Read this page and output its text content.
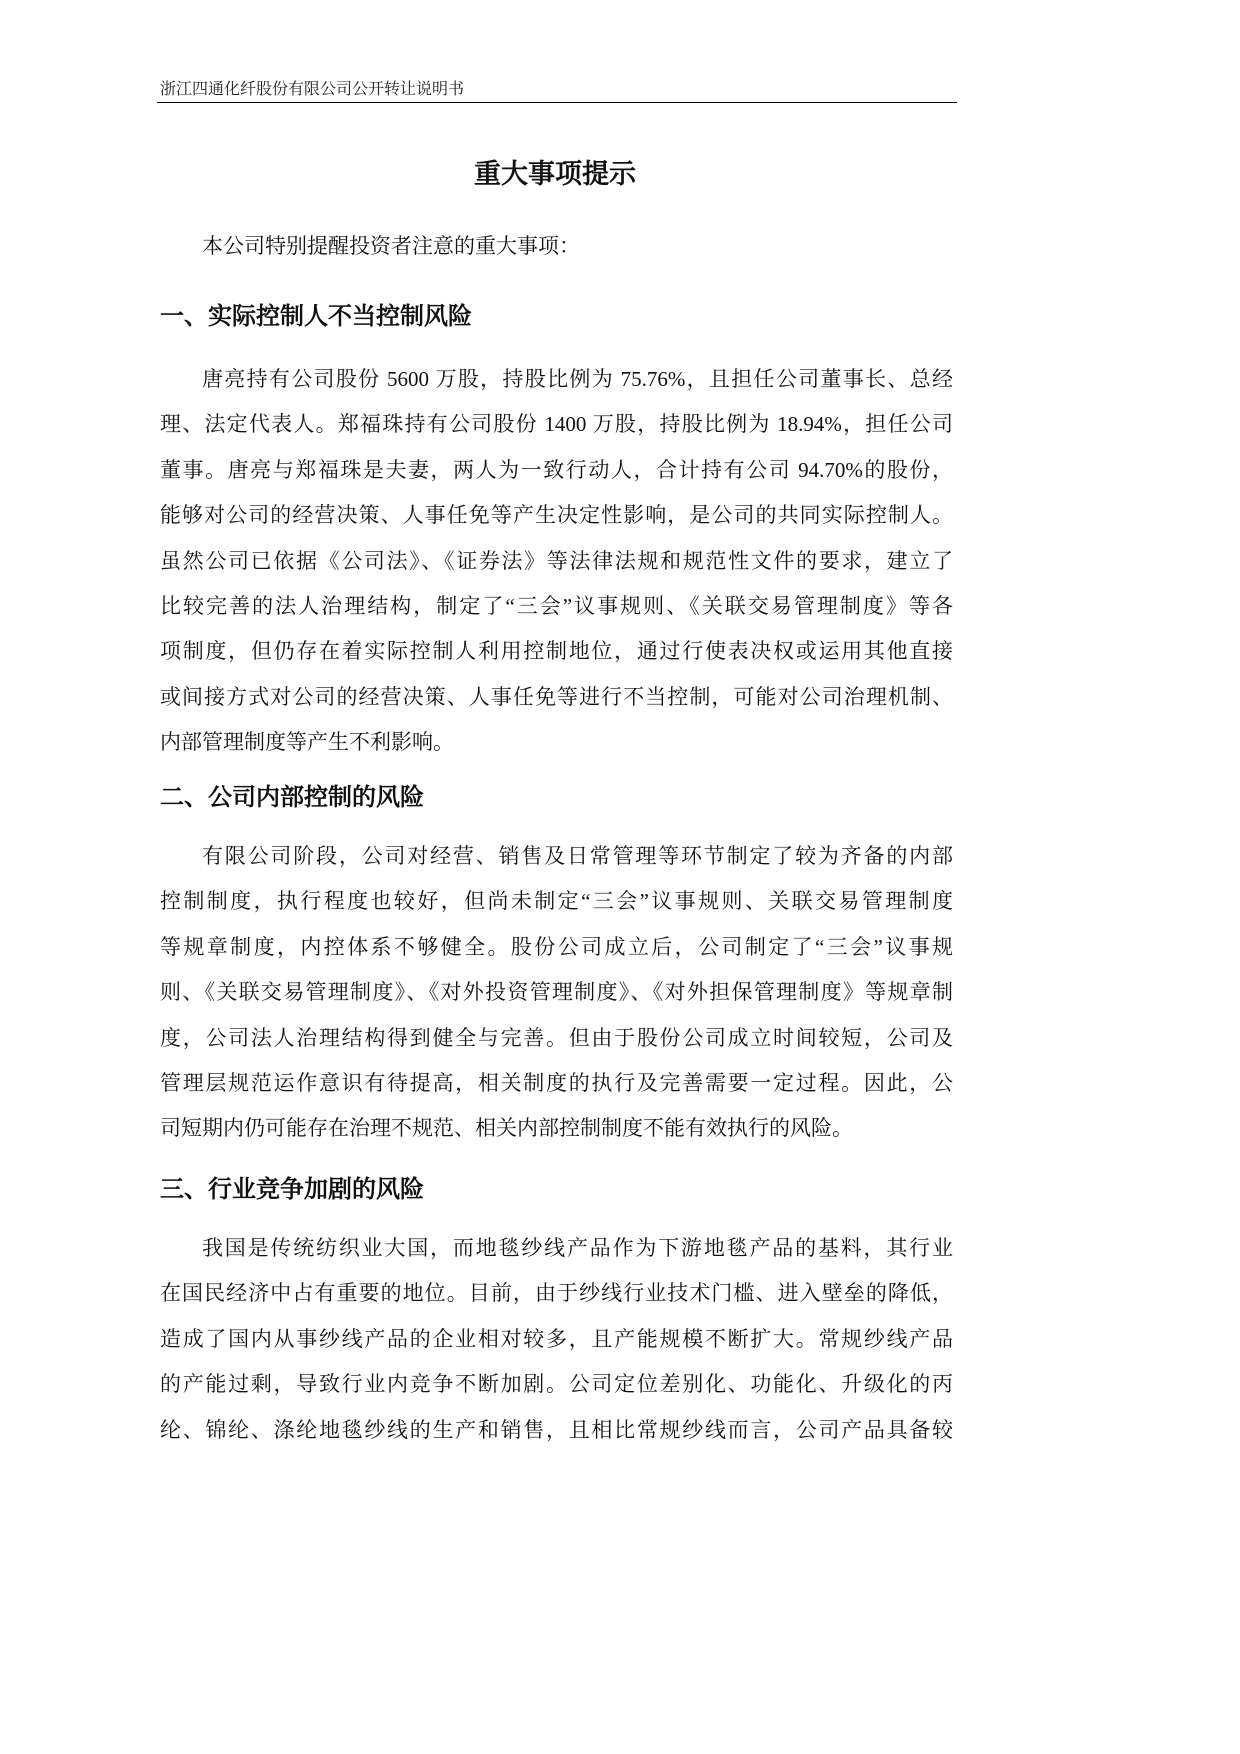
浙江四通化纤股份有限公司公开转让说明书
重大事项提示
本公司特别提醒投资者注意的重大事项：
一、实际控制人不当控制风险
唐亮持有公司股份 5600 万股，持股比例为 75.76%，且担任公司董事长、总经
理、法定代表人。郑福珠持有公司股份 1400 万股，持股比例为 18.94%，担任公司
董事。唐亮与郑福珠是夫妻，两人为一致行动人，合计持有公司 94.70%的股份，
能够对公司的经营决策、人事任免等产生决定性影响，是公司的共同实际控制人。
虽然公司已依据《公司法》、《证券法》等法律法规和规范性文件的要求，建立了
比较完善的法人治理结构，制定了“三会”议事规则、《关联交易管理制度》等各
项制度，但仍存在着实际控制人利用控制地位，通过行使表决权或运用其他直接
或间接方式对公司的经营决策、人事任免等进行不当控制，可能对公司治理机制、
内部管理制度等产生不利影响。
二、公司内部控制的风险
有限公司阶段，公司对经营、销售及日常管理等环节制定了较为齐备的内部
控制制度，执行程度也较好，但尚未制定“三会”议事规则、关联交易管理制度
等规章制度，内控体系不够健全。股份公司成立后，公司制定了“三会”议事规
则、《关联交易管理制度》、《对外投资管理制度》、《对外担保管理制度》等规章制
度，公司法人治理结构得到健全与完善。但由于股份公司成立时间较短，公司及
管理层规范运作意识有待提高，相关制度的执行及完善需要一定过程。因此，公
司短期内仍可能存在治理不规范、相关内部控制制度不能有效执行的风险。
三、行业竞争加剧的风险
我国是传统纺织业大国，而地毯纱线产品作为下游地毯产品的基料，其行业
在国民经济中占有重要的地位。目前，由于纱线行业技术门槛、进入壁垒的降低，
造成了国内从事纱线产品的企业相对较多，且产能规模不断扩大。常规纱线产品
的产能过剩，导致行业内竞争不断加剧。公司定位差别化、功能化、升级化的丙
纶、锦纶、涤纶地毯纱线的生产和销售，且相比常规纱线而言，公司产品具备较
